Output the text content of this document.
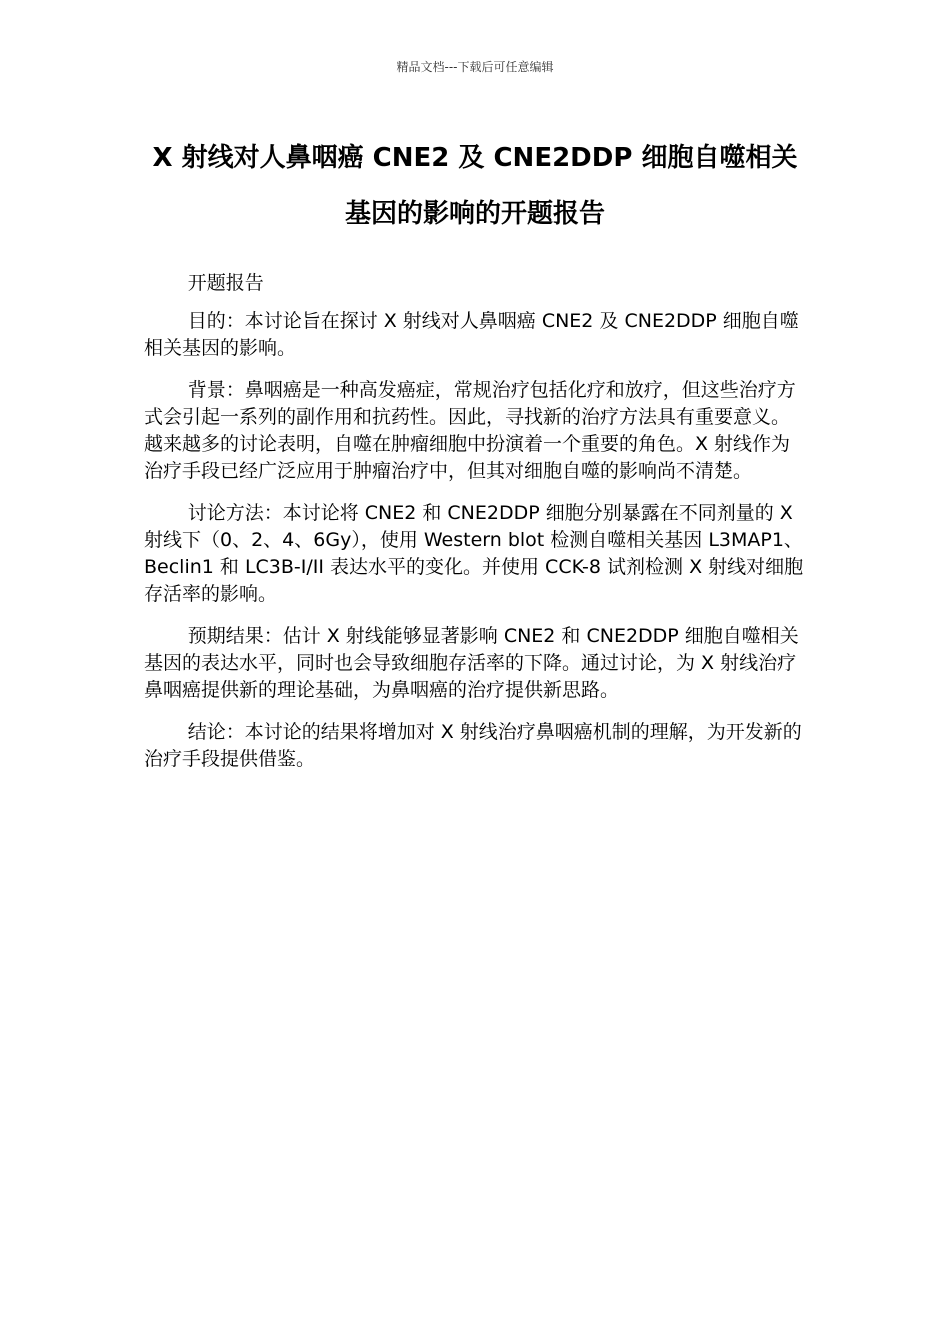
精品文档---下载后可任意编辑
X 射线对人鼻咽癌 CNE2 及 CNE2DDP 细胞自噬相关基因的影响的开题报告

开题报告

目的：本讨论旨在探讨 X 射线对人鼻咽癌 CNE2 及 CNE2DDP 细胞自噬相关基因的影响。

背景：鼻咽癌是一种高发癌症，常规治疗包括化疗和放疗，但这些治疗方式会引起一系列的副作用和抗药性。因此，寻找新的治疗方法具有重要意义。越来越多的讨论表明，自噬在肿瘤细胞中扮演着一个重要的角色。X 射线作为治疗手段已经广泛应用于肿瘤治疗中，但其对细胞自噬的影响尚不清楚。

讨论方法：本讨论将 CNE2 和 CNE2DDP 细胞分别暴露在不同剂量的 X 射线下（0、2、4、6Gy），使用 Western blot 检测自噬相关基因 L3MAP1、Beclin1 和 LC3B-I/II 表达水平的变化。并使用 CCK-8 试剂检测 X 射线对细胞存活率的影响。

预期结果：估计 X 射线能够显著影响 CNE2 和 CNE2DDP 细胞自噬相关基因的表达水平，同时也会导致细胞存活率的下降。通过讨论，为 X 射线治疗鼻咽癌提供新的理论基础，为鼻咽癌的治疗提供新思路。

结论：本讨论的结果将增加对 X 射线治疗鼻咽癌机制的理解，为开发新的治疗手段提供借鉴。
